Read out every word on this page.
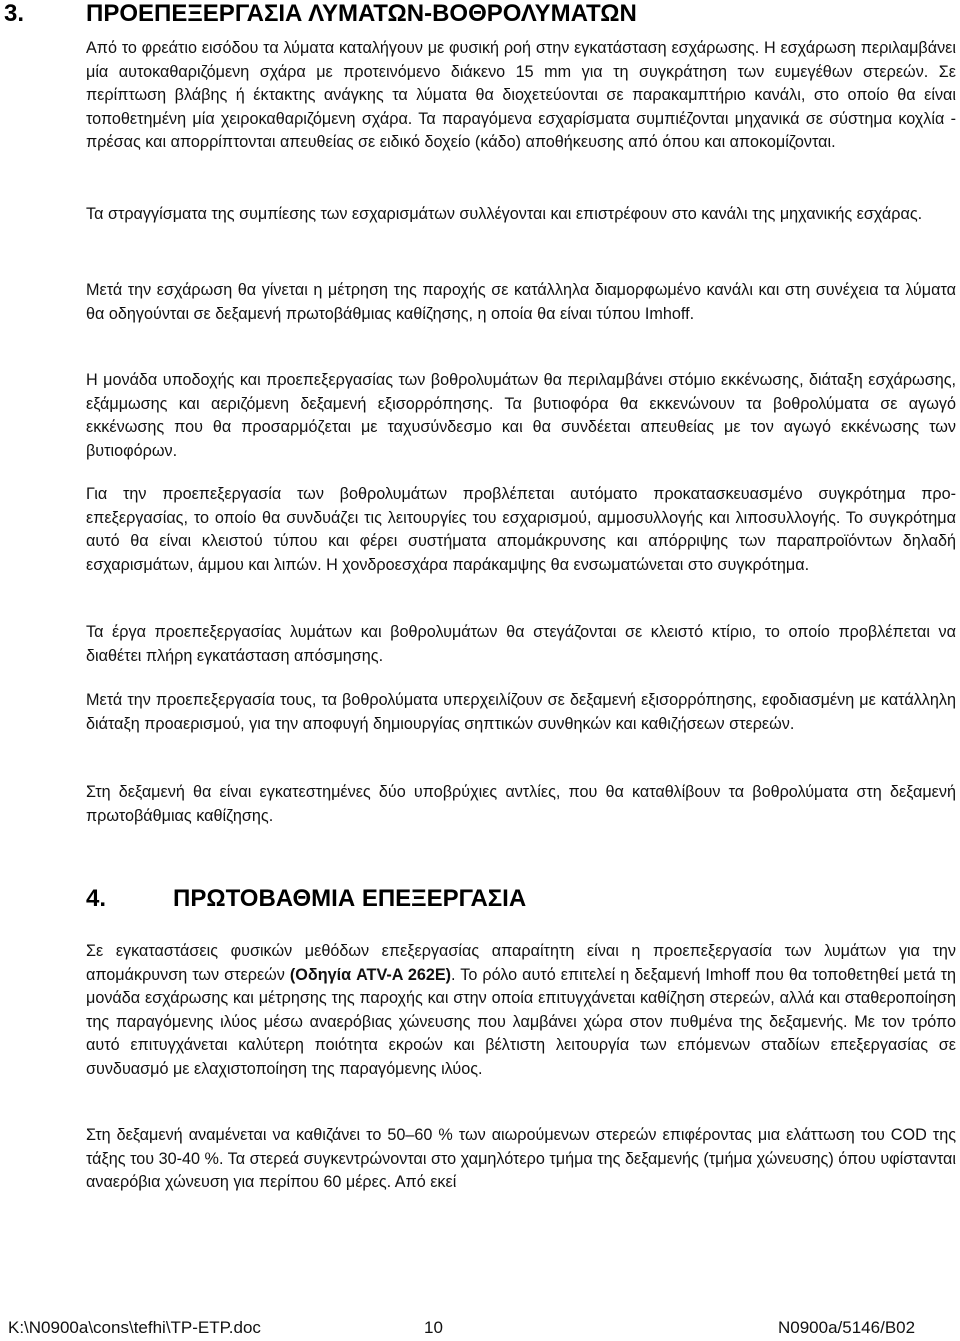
3.	ΠΡΟΕΠΕΞΕΡΓΑΣΙΑ ΛΥΜΑΤΩΝ-ΒΟΘΡΟΛΥΜΑΤΩΝ

Από το φρεάτιο εισόδου τα λύματα καταλήγουν με φυσική ροή στην εγκατάσταση εσχάρωσης. Η εσχάρωση περιλαμβάνει μία αυτοκαθαριζόμενη σχάρα με προτεινόμενο διάκενο 15 mm για τη συγκράτηση των ευμεγέθων στερεών. Σε περίπτωση βλάβης ή έκτακτης ανάγκης τα λύματα θα διοχετεύονται σε παρακαμπτήριο κανάλι, στο οποίο θα είναι τοποθετημένη μία χειροκαθαριζόμενη σχάρα. Τα παραγόμενα εσχαρίσματα συμπιέζονται μηχανικά σε σύστημα κοχλία - πρέσας και απορρίπτονται απευθείας σε ειδικό δοχείο (κάδο) αποθήκευσης από όπου και αποκομίζονται.

Τα στραγγίσματα της συμπίεσης των εσχαρισμάτων συλλέγονται και επιστρέφουν στο κανάλι της μηχανικής εσχάρας.

Μετά την εσχάρωση θα γίνεται η μέτρηση της παροχής σε κατάλληλα διαμορφωμένο κανάλι και στη συνέχεια τα λύματα θα οδηγούνται σε δεξαμενή πρωτοβάθμιας καθίζησης, η οποία θα είναι τύπου Imhoff.

Η μονάδα υποδοχής και προεπεξεργασίας των βοθρολυμάτων θα περιλαμβάνει στόμιο εκκένωσης, διάταξη εσχάρωσης, εξάμμωσης και αεριζόμενη δεξαμενή εξισορρόπησης. Τα βυτιοφόρα θα εκκενώνουν τα βοθρολύματα σε αγωγό εκκένωσης που θα προσαρμόζεται με ταχυσύνδεσμο και θα συνδέεται απευθείας με τον αγωγό εκκένωσης των βυτιοφόρων.

Για την προεπεξεργασία των βοθρολυμάτων προβλέπεται αυτόματο προκατασκευασμένο συγκρότημα προ-επεξεργασίας, το οποίο θα συνδυάζει τις λειτουργίες του εσχαρισμού, αμμοσυλλογής και λιποσυλλογής. Το συγκρότημα αυτό θα είναι κλειστού τύπου και φέρει συστήματα απομάκρυνσης και απόρριψης των παραπροϊόντων δηλαδή εσχαρισμάτων, άμμου και λιπών. Η χονδροεσχάρα παράκαμψης θα ενσωματώνεται στο συγκρότημα.

Τα έργα προεπεξεργασίας λυμάτων και βοθρολυμάτων θα στεγάζονται σε κλειστό κτίριο, το οποίο προβλέπεται να διαθέτει πλήρη εγκατάσταση απόσμησης.

Μετά την προεπεξεργασία τους, τα βοθρολύματα υπερχειλίζουν σε δεξαμενή εξισορρόπησης, εφοδιασμένη με κατάλληλη διάταξη προαερισμού, για την αποφυγή δημιουργίας σηπτικών συνθηκών και καθιζήσεων στερεών.

Στη δεξαμενή θα είναι εγκατεστημένες δύο υποβρύχιες αντλίες, που θα καταθλίβουν τα βοθρολύματα στη δεξαμενή πρωτοβάθμιας καθίζησης.

4.	ΠΡΩΤΟΒΑΘΜΙΑ ΕΠΕΞΕΡΓΑΣΙΑ

Σε εγκαταστάσεις φυσικών μεθόδων επεξεργασίας απαραίτητη είναι η προεπεξεργασία των λυμάτων για την απομάκρυνση των στερεών (Οδηγία ATV-A 262E). Το ρόλο αυτό επιτελεί η δεξαμενή Imhoff που θα τοποθετηθεί μετά τη μονάδα εσχάρωσης και μέτρησης της παροχής και στην οποία επιτυγχάνεται καθίζηση στερεών, αλλά και σταθεροποίηση της παραγόμενης ιλύος μέσω αναερόβιας χώνευσης που λαμβάνει χώρα στον πυθμένα της δεξαμενής. Με τον τρόπο αυτό επιτυγχάνεται καλύτερη ποιότητα εκροών και βέλτιστη λειτουργία των επόμενων σταδίων επεξεργασίας σε συνδυασμό με ελαχιστοποίηση της παραγόμενης ιλύος.

Στη δεξαμενή αναμένεται να καθιζάνει το 50–60 % των αιωρούμενων στερεών επιφέροντας μια ελάττωση του COD της τάξης του 30-40 %. Τα στερεά συγκεντρώνονται στο χαμηλότερο τμήμα της δεξαμενής (τμήμα χώνευσης) όπου υφίστανται αναερόβια χώνευση για περίπου 60 μέρες. Από εκεί

K:\N0900a\cons\tefhi\TP-ETP.doc	10	N0900a/5146/B02
